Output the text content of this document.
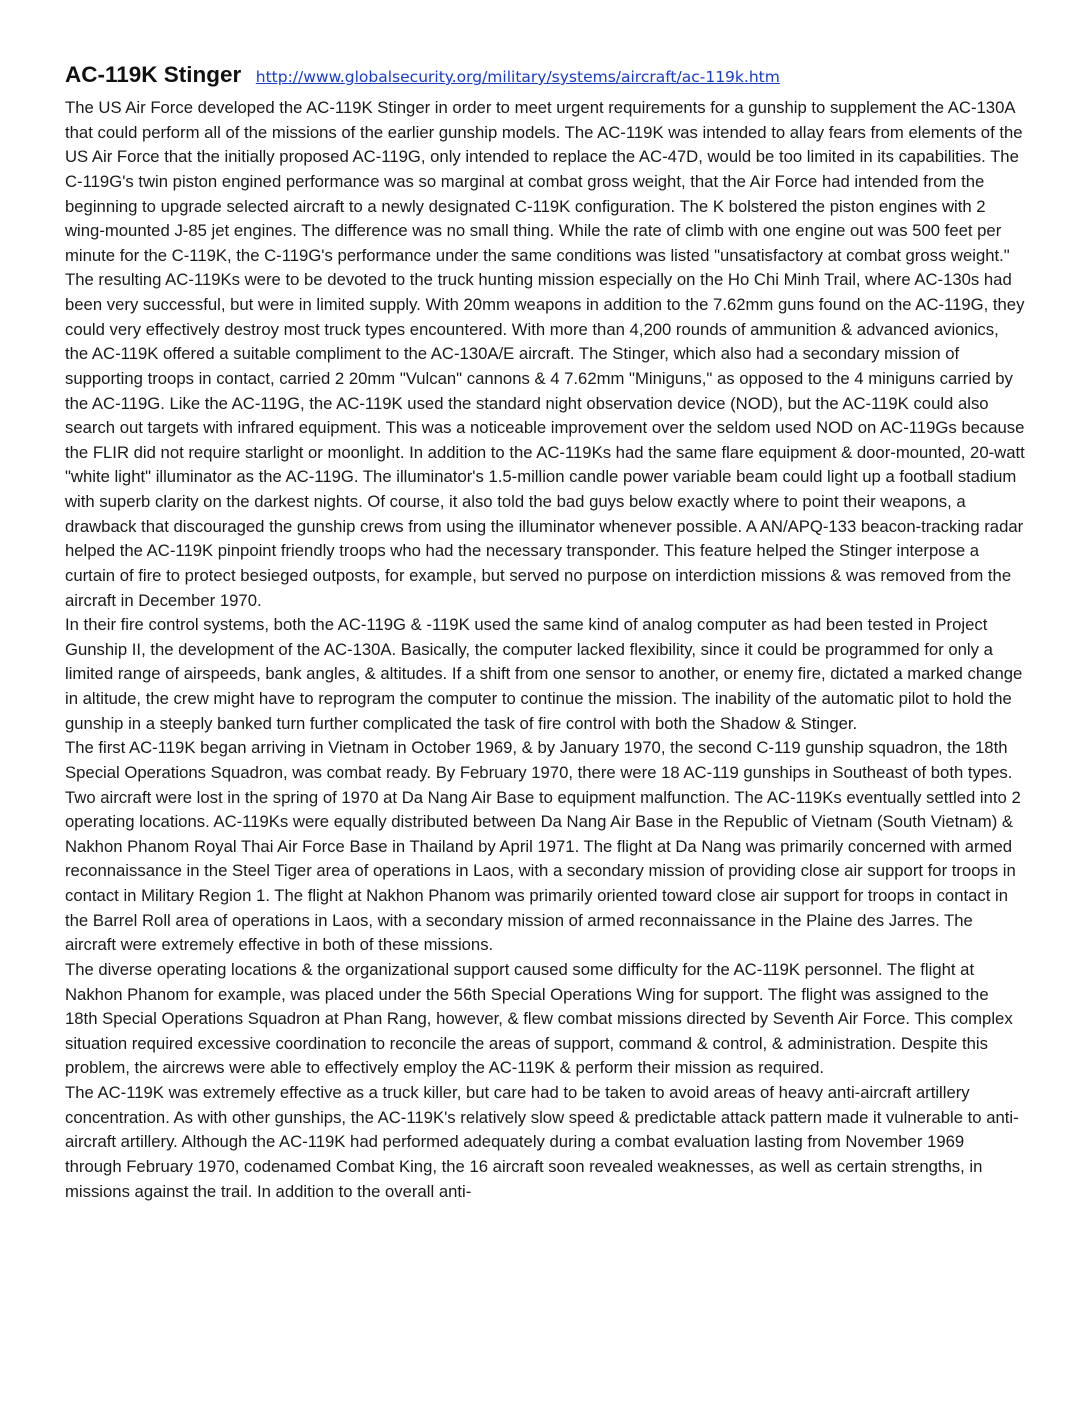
AC-119K Stinger http://www.globalsecurity.org/military/systems/aircraft/ac-119k.htm

The US Air Force developed the AC-119K Stinger in order to meet urgent requirements for a gunship to supplement the AC-130A that could perform all of the missions of the earlier gunship models. The AC-119K was intended to allay fears from elements of the US Air Force that the initially proposed AC-119G, only intended to replace the AC-47D, would be too limited in its capabilities. The C-119G's twin piston engined performance was so marginal at combat gross weight, that the Air Force had intended from the beginning to upgrade selected aircraft to a newly designated C-119K configuration. The K bolstered the piston engines with 2 wing-mounted J-85 jet engines. The difference was no small thing. While the rate of climb with one engine out was 500 feet per minute for the C-119K, the C-119G's performance under the same conditions was listed "unsatisfactory at combat gross weight."

The resulting AC-119Ks were to be devoted to the truck hunting mission especially on the Ho Chi Minh Trail, where AC-130s had been very successful, but were in limited supply. With 20mm weapons in addition to the 7.62mm guns found on the AC-119G, they could very effectively destroy most truck types encountered. With more than 4,200 rounds of ammunition & advanced avionics, the AC-119K offered a suitable compliment to the AC-130A/E aircraft. The Stinger, which also had a secondary mission of supporting troops in contact, carried 2 20mm "Vulcan" cannons & 4 7.62mm "Miniguns," as opposed to the 4 miniguns carried by the AC-119G. Like the AC-119G, the AC-119K used the standard night observation device (NOD), but the AC-119K could also search out targets with infrared equipment. This was a noticeable improvement over the seldom used NOD on AC-119Gs because the FLIR did not require starlight or moonlight. In addition to the AC-119Ks had the same flare equipment & door-mounted, 20-watt "white light" illuminator as the AC-119G. The illuminator's 1.5-million candle power variable beam could light up a football stadium with superb clarity on the darkest nights. Of course, it also told the bad guys below exactly where to point their weapons, a drawback that discouraged the gunship crews from using the illuminator whenever possible. A AN/APQ-133 beacon-tracking radar helped the AC-119K pinpoint friendly troops who had the necessary transponder. This feature helped the Stinger interpose a curtain of fire to protect besieged outposts, for example, but served no purpose on interdiction missions & was removed from the aircraft in December 1970.

In their fire control systems, both the AC-119G & -119K used the same kind of analog computer as had been tested in Project Gunship II, the development of the AC-130A. Basically, the computer lacked flexibility, since it could be programmed for only a limited range of airspeeds, bank angles, & altitudes. If a shift from one sensor to another, or enemy fire, dictated a marked change in altitude, the crew might have to reprogram the computer to continue the mission. The inability of the automatic pilot to hold the gunship in a steeply banked turn further complicated the task of fire control with both the Shadow & Stinger.

The first AC-119K began arriving in Vietnam in October 1969, & by January 1970, the second C-119 gunship squadron, the 18th Special Operations Squadron, was combat ready. By February 1970, there were 18 AC-119 gunships in Southeast of both types. Two aircraft were lost in the spring of 1970 at Da Nang Air Base to equipment malfunction. The AC-119Ks eventually settled into 2 operating locations. AC-119Ks were equally distributed between Da Nang Air Base in the Republic of Vietnam (South Vietnam) & Nakhon Phanom Royal Thai Air Force Base in Thailand by April 1971. The flight at Da Nang was primarily concerned with armed reconnaissance in the Steel Tiger area of operations in Laos, with a secondary mission of providing close air support for troops in contact in Military Region 1. The flight at Nakhon Phanom was primarily oriented toward close air support for troops in contact in the Barrel Roll area of operations in Laos, with a secondary mission of armed reconnaissance in the Plaine des Jarres. The aircraft were extremely effective in both of these missions.

The diverse operating locations & the organizational support caused some difficulty for the AC-119K personnel. The flight at Nakhon Phanom for example, was placed under the 56th Special Operations Wing for support. The flight was assigned to the 18th Special Operations Squadron at Phan Rang, however, & flew combat missions directed by Seventh Air Force. This complex situation required excessive coordination to reconcile the areas of support, command & control, & administration. Despite this problem, the aircrews were able to effectively employ the AC-119K & perform their mission as required.

The AC-119K was extremely effective as a truck killer, but care had to be taken to avoid areas of heavy anti-aircraft artillery concentration. As with other gunships, the AC-119K's relatively slow speed & predictable attack pattern made it vulnerable to anti-aircraft artillery. Although the AC-119K had performed adequately during a combat evaluation lasting from November 1969 through February 1970, codenamed Combat King, the 16 aircraft soon revealed weaknesses, as well as certain strengths, in missions against the trail. In addition to the overall anti-
